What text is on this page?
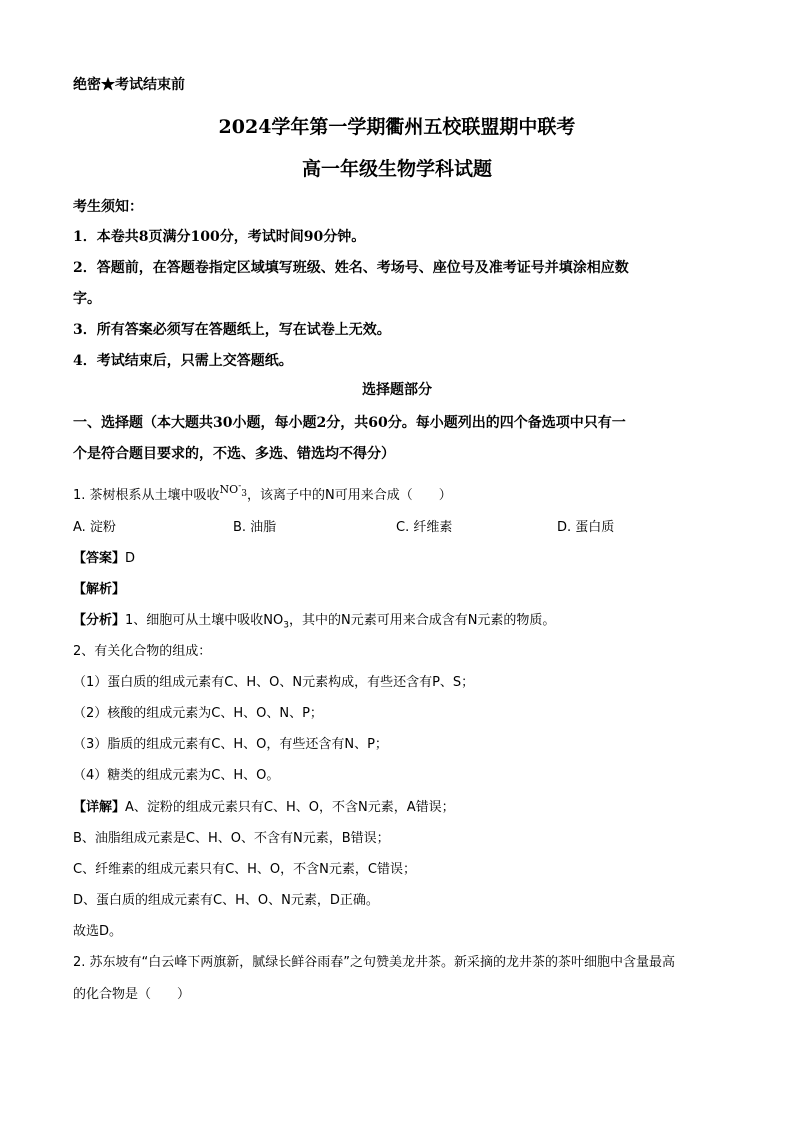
绝密★考试结束前
2024学年第一学期衢州五校联盟期中联考
高一年级生物学科试题
考生须知：
1．本卷共8页满分100分，考试时间90分钟。
2．答题前，在答题卷指定区域填写班级、姓名、考场号、座位号及准考证号并填涂相应数
字。
3．所有答案必须写在答题纸上，写在试卷上无效。
4．考试结束后，只需上交答题纸。
选择题部分
一、选择题（本大题共30小题，每小题2分，共60分。每小题列出的四个备选项中只有一
个是符合题目要求的，不选、多选、错选均不得分）
1. 茶树根系从土壤中吸收$^{NO^-_3}$，该离子中的N可用来合成（　　）
A. 淀粉	B. 油脂	C. 纤维素	D. 蛋白质
【答案】D
【解析】
【分析】1、细胞可从土壤中吸收$NO_3$，其中的N元素可用来合成含有N元素的物质。
2、有关化合物的组成：
（1）蛋白质的组成元素有C、H、O、N元素构成，有些还含有P、S；
（2）核酸的组成元素为C、H、O、N、P；
（3）脂质的组成元素有C、H、O，有些还含有N、P；
（4）糖类的组成元素为C、H、O。
【详解】A、淀粉的组成元素只有C、H、O，不含N元素，A错误；
B、油脂组成元素是C、H、O、不含有N元素，B错误；
C、纤维素的组成元素只有C、H、O，不含N元素，C错误；
D、蛋白质的组成元素有C、H、O、N元素，D正确。
故选D。
2. 苏东坡有“白云峰下两旗新，腻绿长鲜谷雨春”之句赞美龙井茶。新采摘的龙井茶的茶叶细胞中含量最高
的化合物是（　　）
